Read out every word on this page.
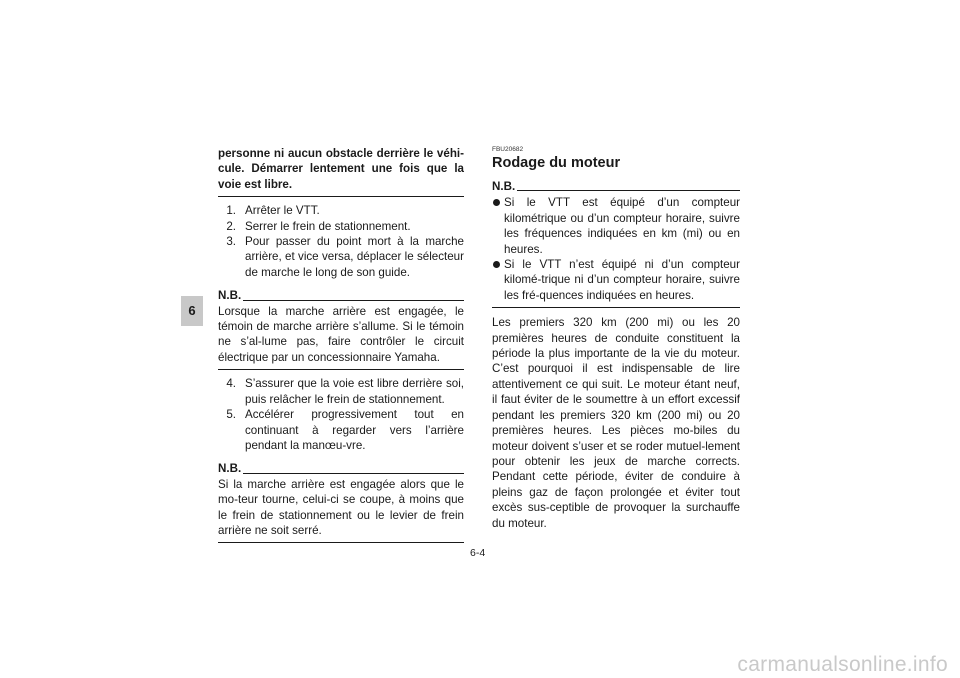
6
personne ni aucun obstacle derrière le véhi-cule. Démarrer lentement une fois que la voie est libre.
1. Arrêter le VTT.
2. Serrer le frein de stationnement.
3. Pour passer du point mort à la marche arrière, et vice versa, déplacer le sélecteur de marche le long de son guide.
N.B.
Lorsque la marche arrière est engagée, le témoin de marche arrière s’allume. Si le témoin ne s’al-lume pas, faire contrôler le circuit électrique par un concessionnaire Yamaha.
4. S’assurer que la voie est libre derrière soi, puis relâcher le frein de stationnement.
5. Accélérer progressivement tout en continuant à regarder vers l’arrière pendant la manœu-vre.
N.B.
Si la marche arrière est engagée alors que le mo-teur tourne, celui-ci se coupe, à moins que le frein de stationnement ou le levier de frein arrière ne soit serré.
FBU20682
Rodage du moteur
N.B.
Si le VTT est équipé d’un compteur kilométrique ou d’un compteur horaire, suivre les fréquences indiquées en km (mi) ou en heures.
Si le VTT n’est équipé ni d’un compteur kilomé-trique ni d’un compteur horaire, suivre les fré-quences indiquées en heures.
Les premiers 320 km (200 mi) ou les 20 premières heures de conduite constituent la période la plus importante de la vie du moteur. C’est pourquoi il est indispensable de lire attentivement ce qui suit. Le moteur étant neuf, il faut éviter de le soumettre à un effort excessif pendant les premiers 320 km (200 mi) ou 20 premières heures. Les pièces mo-biles du moteur doivent s’user et se roder mutuel-lement pour obtenir les jeux de marche corrects. Pendant cette période, éviter de conduire à pleins gaz de façon prolongée et éviter tout excès sus-ceptible de provoquer la surchauffe du moteur.
6-4
carmanualsonline.info
